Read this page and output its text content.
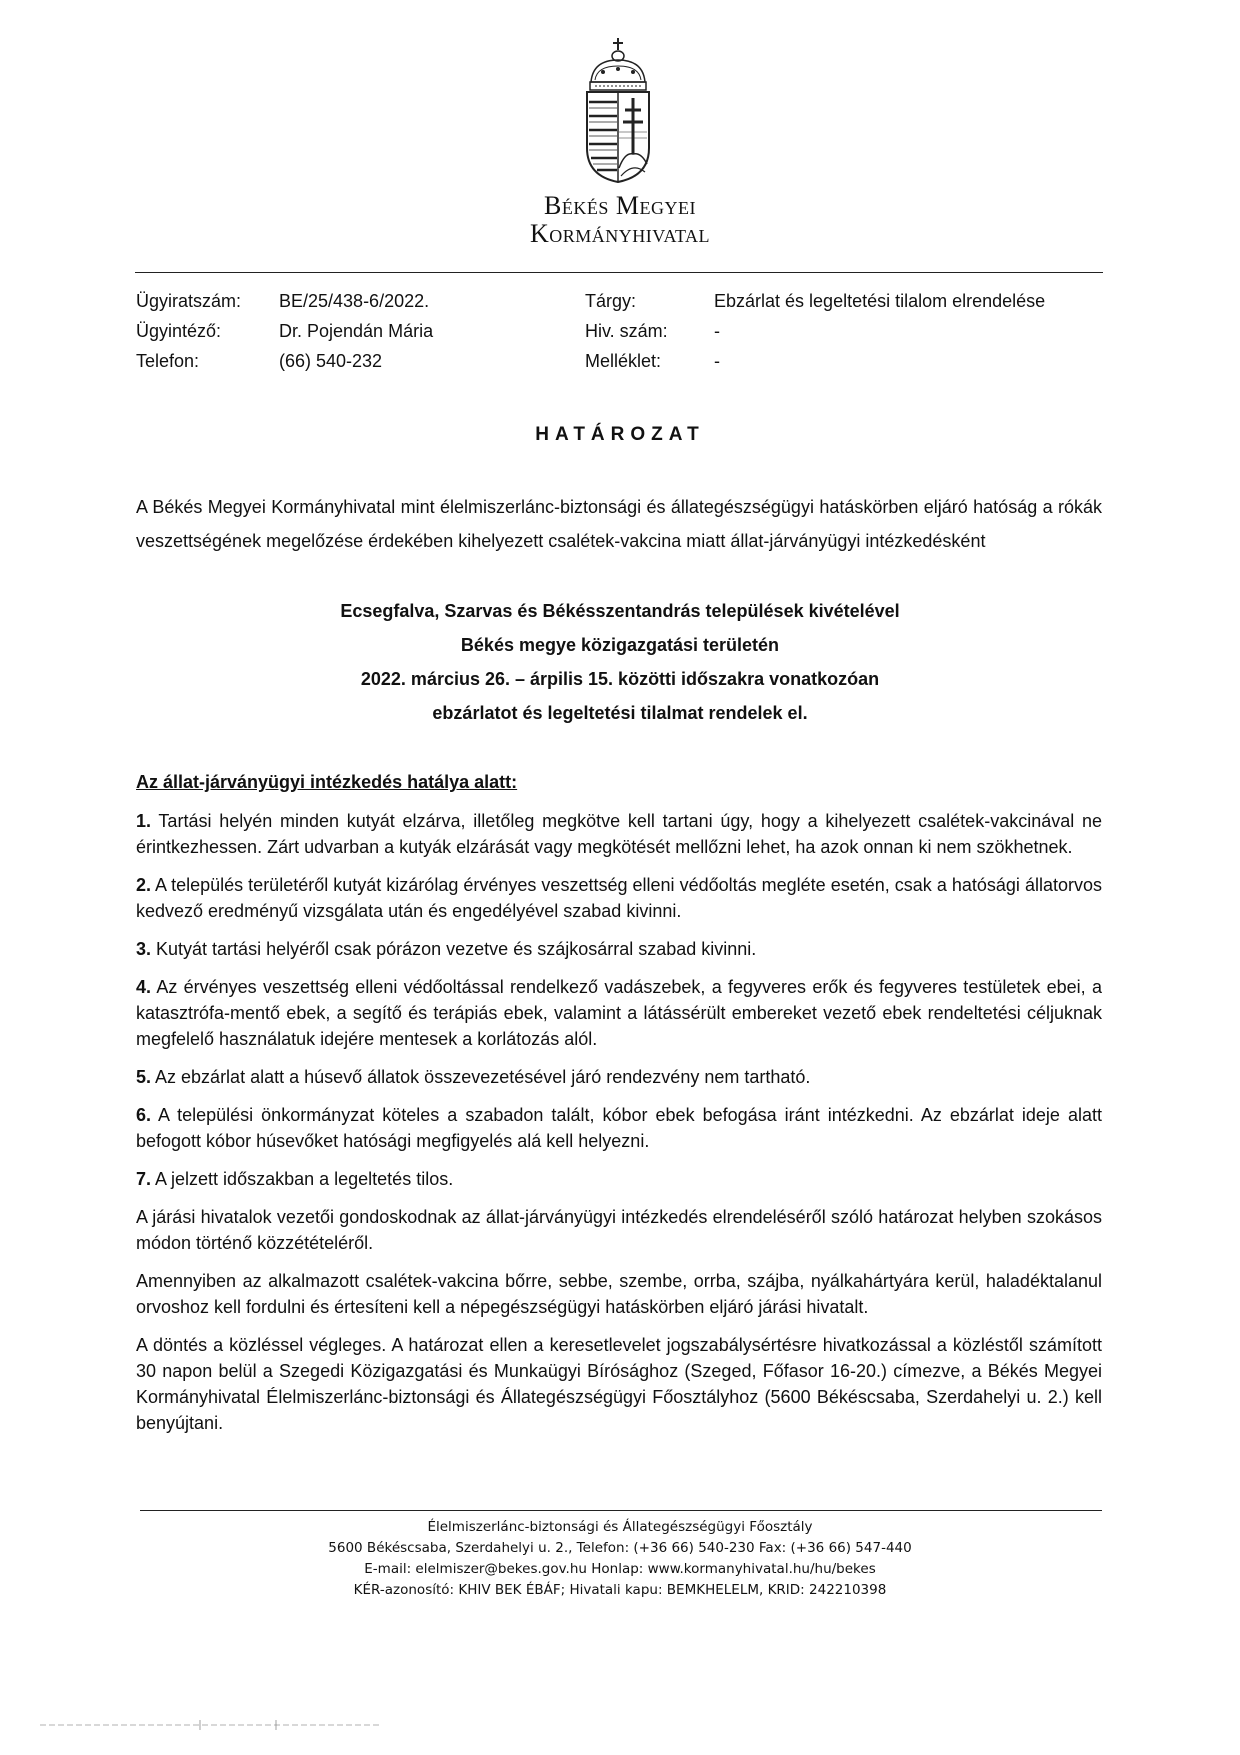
Békés Megyei
Kormányhivatal
Ügyiratszám:	BE/25/438-6/2022.
Ügyintéző:	Dr. Pojendán Mária
Telefon:	(66) 540-232
Tárgy:	Ebzárlat és legeltetési tilalom elrendelése
Hiv. szám:	-
Melléklet:	-
HATÁROZAT
A Békés Megyei Kormányhivatal mint élelmiszerlánc-biztonsági és állategészségügyi hatáskörben eljáró hatóság a rókák veszettségének megelőzése érdekében kihelyezett csalétek-vakcina miatt állat-járványügyi intézkedésként
Ecsegfalva, Szarvas és Békésszentandrás települések kivételével
Békés megye közigazgatási területén
2022. március 26. – árpilis 15. közötti időszakra vonatkozóan
ebzárlatot és legeltetési tilalmat rendelek el.
Az állat-járványügyi intézkedés hatálya alatt:

1. Tartási helyén minden kutyát elzárva, illetőleg megkötve kell tartani úgy, hogy a kihelyezett csalétek-vakcinával ne érintkezhessen. Zárt udvarban a kutyák elzárását vagy megkötését mellőzni lehet, ha azok onnan ki nem szökhetnek.

2. A település területéről kutyát kizárólag érvényes veszettség elleni védőoltás megléte esetén, csak a hatósági állatorvos kedvező eredményű vizsgálata után és engedélyével szabad kivinni.

3. Kutyát tartási helyéről csak pórázon vezetve és szájkosárral szabad kivinni.

4. Az érvényes veszettség elleni védőoltással rendelkező vadászebek, a fegyveres erők és fegyveres testületek ebei, a katasztrófa-mentő ebek, a segítő és terápiás ebek, valamint a látássérült embereket vezető ebek rendeltetési céljuknak megfelelő használatuk idejére mentesek a korlátozás alól.

5. Az ebzárlat alatt a húsevő állatok összevezetésével járó rendezvény nem tartható.

6. A települési önkormányzat köteles a szabadon talált, kóbor ebek befogása iránt intézkedni. Az ebzárlat ideje alatt befogott kóbor húsevőket hatósági megfigyelés alá kell helyezni.

7. A jelzett időszakban a legeltetés tilos.

A járási hivatalok vezetői gondoskodnak az állat-járványügyi intézkedés elrendeléséről szóló határozat helyben szokásos módon történő közzétételéről.

Amennyiben az alkalmazott csalétek-vakcina bőrre, sebbe, szembe, orrba, szájba, nyálkahártyára kerül, haladéktalanul orvoshoz kell fordulni és értesíteni kell a népegészségügyi hatáskörben eljáró járási hivatalt.

A döntés a közléssel végleges. A határozat ellen a keresetlevelet jogszabálysértésre hivatkozással a közléstől számított 30 napon belül a Szegedi Közigazgatási és Munkaügyi Bírósághoz (Szeged, Főfasor 16-20.) címezve, a Békés Megyei Kormányhivatal Élelmiszerlánc-biztonsági és Állategészségügyi Főosztályhoz (5600 Békéscsaba, Szerdahelyi u. 2.) kell benyújtani.

Élelmiszerlánc-biztonsági és Állategészségügyi Főosztály
5600 Békéscsaba, Szerdahelyi u. 2., Telefon: (+36 66) 540-230 Fax: (+36 66) 547-440
E-mail: elelmiszer@bekes.gov.hu Honlap: www.kormanyhivatal.hu/hu/bekes
KÉR-azonosító: KHIV BEK ÉBÁF; Hivatali kapu: BEMKHELELM, KRID: 242210398
